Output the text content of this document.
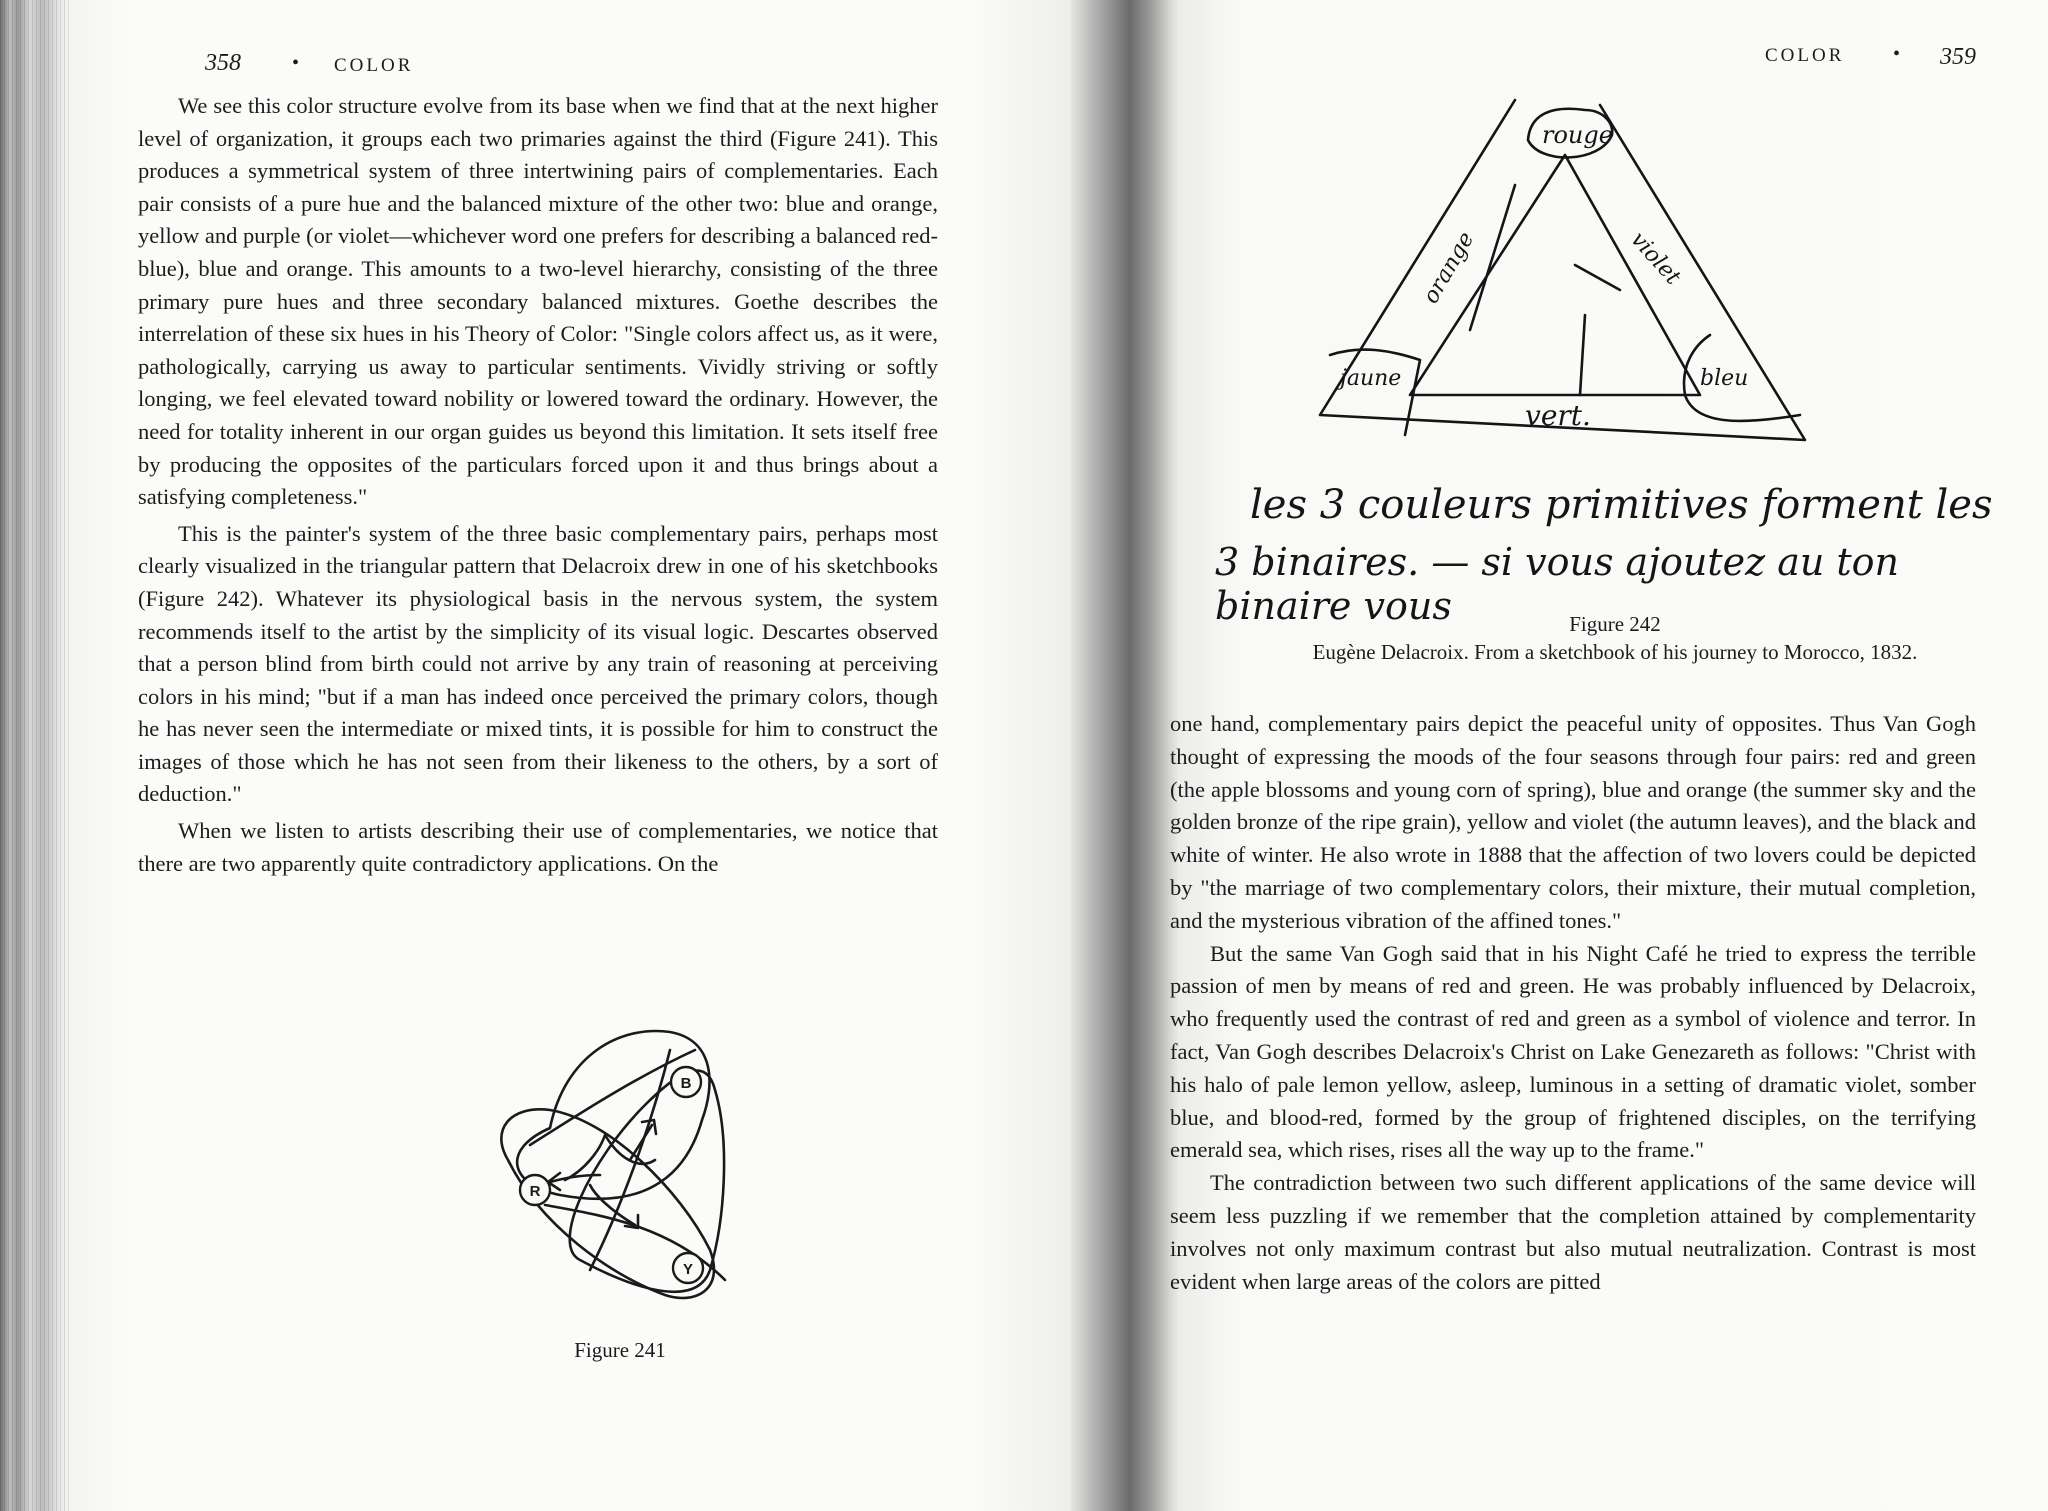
358	• COLOR

We see this color structure evolve from its base when we find that at the next higher level of organization, it groups each two primaries against the third (Figure 241). This produces a symmetrical system of three intertwining pairs of complementaries. Each pair consists of a pure hue and the balanced mixture of the other two: blue and orange, yellow and purple (or violet—whichever word one prefers for describing a balanced red-blue), blue and orange. This amounts to a two-level hierarchy, consisting of the three primary pure hues and three secondary balanced mixtures. Goethe describes the interrelation of these six hues in his Theory of Color: "Single colors affect us, as it were, pathologically, carrying us away to particular sentiments. Vividly striving or softly longing, we feel elevated toward nobility or lowered toward the ordinary. However, the need for totality inherent in our organ guides us beyond this limitation. It sets itself free by producing the opposites of the particulars forced upon it and thus brings about a satisfying completeness."

This is the painter's system of the three basic complementary pairs, perhaps most clearly visualized in the triangular pattern that Delacroix drew in one of his sketchbooks (Figure 242). Whatever its physiological basis in the nervous system, the system recommends itself to the artist by the simplicity of its visual logic. Descartes observed that a person blind from birth could not arrive by any train of reasoning at perceiving colors in his mind; "but if a man has indeed once perceived the primary colors, though he has never seen the intermediate or mixed tints, it is possible for him to construct the images of those which he has not seen from their likeness to the others, by a sort of deduction."

When we listen to artists describing their use of complementaries, we notice that there are two apparently quite contradictory applications. On the

B
R
Y
Figure 241
COLOR • 359
rouge
violet
orange
jaune	bleu
vert.
les 3 couleurs primitives forment les
3 binaires. — si vous ajoutez au ton binaire vous	Figure 242
Eugène Delacroix. From a sketchbook of his journey to Morocco, 1832.

one hand, complementary pairs depict the peaceful unity of opposites. Thus Van Gogh thought of expressing the moods of the four seasons through four pairs: red and green (the apple blossoms and young corn of spring), blue and orange (the summer sky and the golden bronze of the ripe grain), yellow and violet (the autumn leaves), and the black and white of winter. He also wrote in 1888 that the affection of two lovers could be depicted by "the marriage of two complementary colors, their mixture, their mutual completion, and the mysterious vibration of the affined tones."

But the same Van Gogh said that in his Night Café he tried to express the terrible passion of men by means of red and green. He was probably influenced by Delacroix, who frequently used the contrast of red and green as a symbol of violence and terror. In fact, Van Gogh describes Delacroix's Christ on Lake Genezareth as follows: "Christ with his halo of pale lemon yellow, asleep, luminous in a setting of dramatic violet, somber blue, and blood-red, formed by the group of frightened disciples, on the terrifying emerald sea, which rises, rises all the way up to the frame."

The contradiction between two such different applications of the same device will seem less puzzling if we remember that the completion attained by complementarity involves not only maximum contrast but also mutual neutralization. Contrast is most evident when large areas of the colors are pitted
